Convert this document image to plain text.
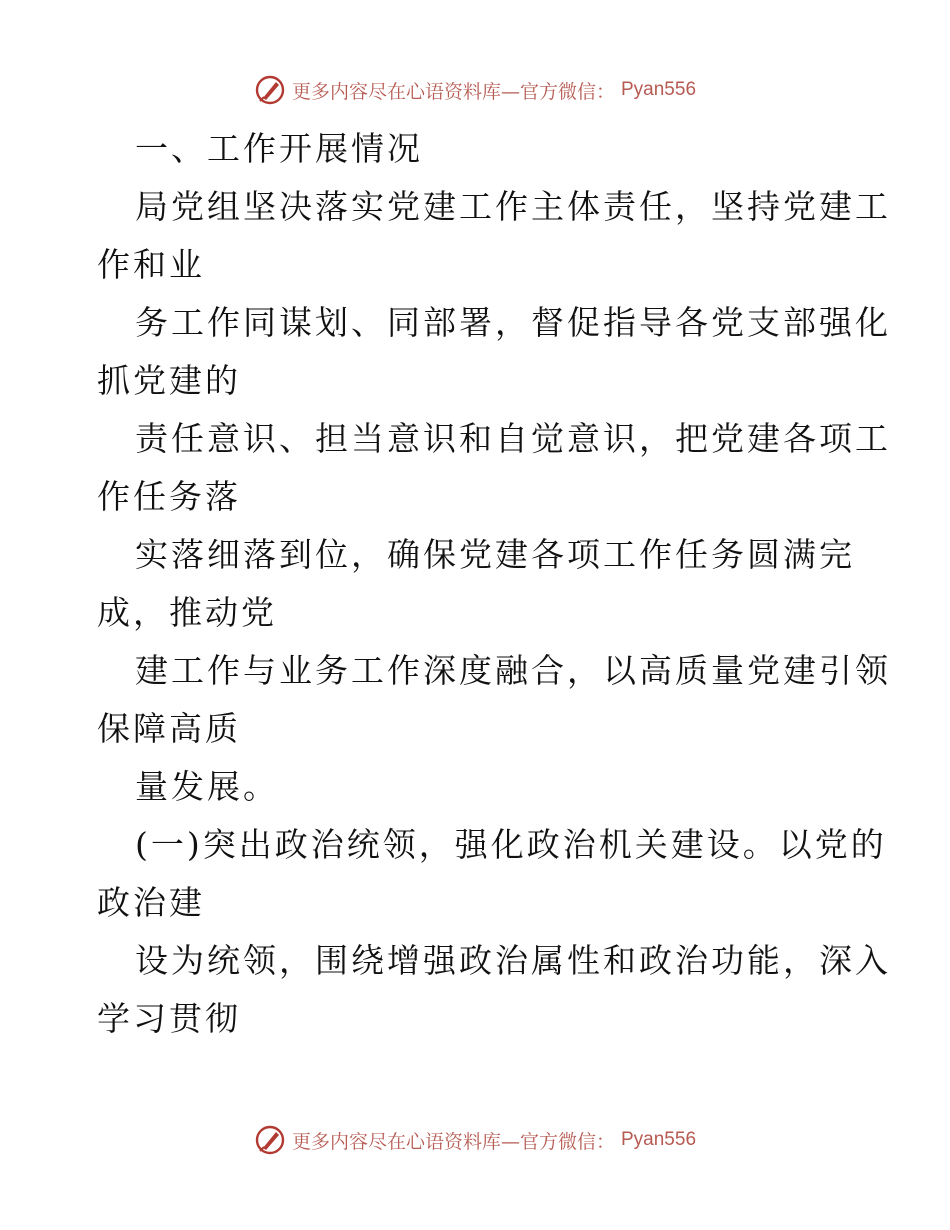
更多内容尽在心语资料库—官方微信： Pyan556
一、工作开展情况
局党组坚决落实党建工作主体责任，坚持党建工
作和业
务工作同谋划、同部署，督促指导各党支部强化
抓党建的
责任意识、担当意识和自觉意识，把党建各项工
作任务落
实落细落到位，确保党建各项工作任务圆满完
成，推动党
建工作与业务工作深度融合，以高质量党建引领
保障高质
量发展。
(一)突出政治统领，强化政治机关建设。以党的
政治建
设为统领，围绕增强政治属性和政治功能，深入
学习贯彻
更多内容尽在心语资料库—官方微信： Pyan556
